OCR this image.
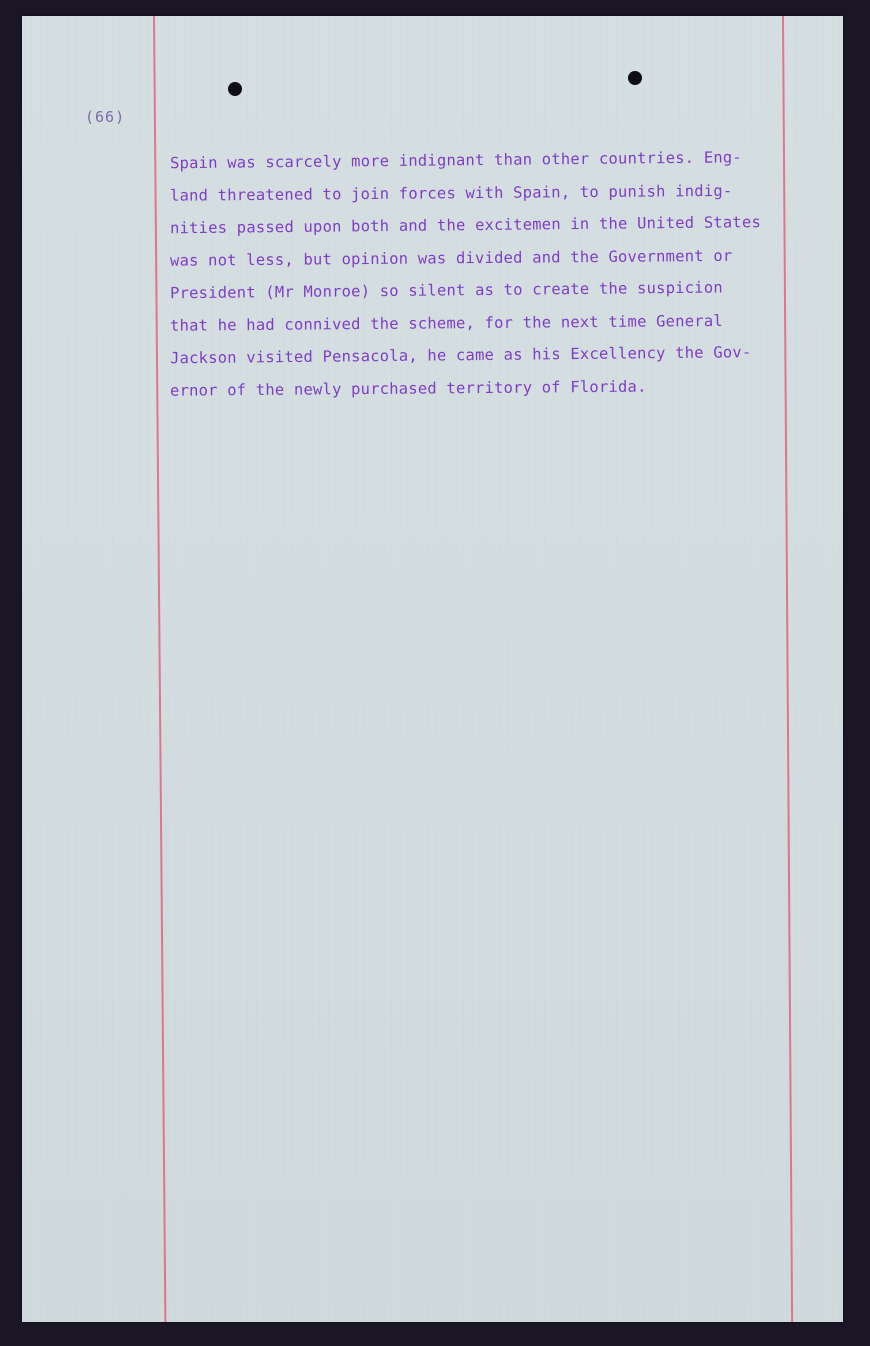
(66)
Spain was scarcely more indignant than other countries. Eng-
land threatened to join forces with Spain, to punish indig-
nities passed upon both and the excitemen in the United States
was not less, but opinion was divided and the Government or
President (Mr Monroe) so silent as to create the suspicion
that he had connived the scheme, for the next time General
Jackson visited Pensacola, he came as his Excellency the Gov-
ernor of the newly purchased territory of Florida.
